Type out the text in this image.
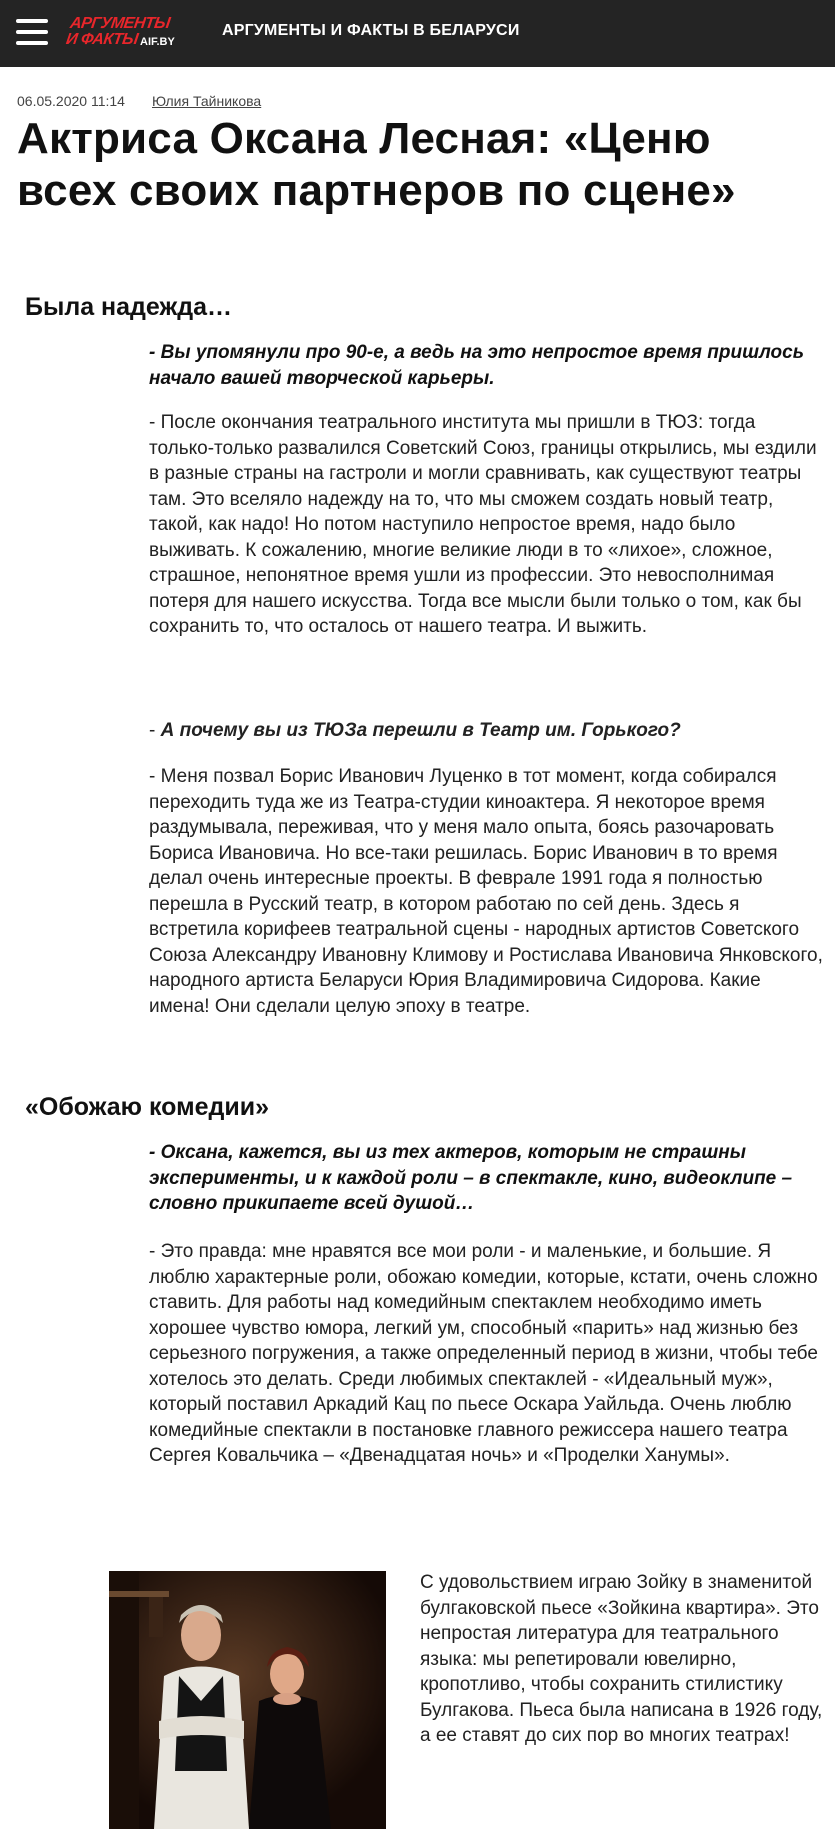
АРГУМЕНТЫ
И ФАКТЫ AIF.BY
АРГУМЕНТЫ И ФАКТЫ В БЕЛАРУСИ
06.05.2020 11:14 Юлия Тайникова
Актриса Оксана Лесная: «Ценю всех своих партнеров по сцене»
Была надежда…

- Вы упомянули про 90-е, а ведь на это непростое время пришлось начало вашей творческой карьеры.

- После окончания театрального института мы пришли в ТЮЗ: тогда только-только развалился Советский Союз, границы открылись, мы ездили в разные страны на гастроли и могли сравнивать, как существуют театры там. Это вселяло надежду на то, что мы сможем создать новый театр, такой, как надо! Но потом наступило непростое время, надо было выживать. К сожалению, многие великие люди в то «лихое», сложное, страшное, непонятное время ушли из профессии. Это невосполнимая потеря для нашего искусства. Тогда все мысли были только о том, как бы сохранить то, что осталось от нашего театра. И выжить.

- А почему вы из ТЮЗа перешли в Театр им. Горького?

- Меня позвал Борис Иванович Луценко в тот момент, когда собирался переходить туда же из Театра-студии киноактера. Я некоторое время раздумывала, переживая, что у меня мало опыта, боясь разочаровать Бориса Ивановича. Но все-таки решилась. Борис Иванович в то время делал очень интересные проекты. В феврале 1991 года я полностью перешла в Русский театр, в котором работаю по сей день. Здесь я встретила корифеев театральной сцены - народных артистов Советского Союза Александру Ивановну Климову и Ростислава Ивановича Янковского, народного артиста Беларуси Юрия Владимировича Сидорова. Какие имена! Они сделали целую эпоху в театре.

«Обожаю комедии»

- Оксана, кажется, вы из тех актеров, которым не страшны эксперименты, и к каждой роли – в спектакле, кино, видеоклипе – словно прикипаете всей душой…

- Это правда: мне нравятся все мои роли - и маленькие, и большие. Я люблю характерные роли, обожаю комедии, которые, кстати, очень сложно ставить. Для работы над комедийным спектаклем необходимо иметь хорошее чувство юмора, легкий ум, способный «парить» над жизнью без серьезного погружения, а также определенный период в жизни, чтобы тебе хотелось это делать. Среди любимых спектаклей - «Идеальный муж», который поставил Аркадий Кац по пьесе Оскара Уайльда. Очень люблю комедийные спектакли в постановке главного режиссера нашего театра Сергея Ковальчика – «Двенадцатая ночь» и «Проделки Ханумы».

С удовольствием играю Зойку в знаменитой булгаковской пьесе «Зойкина квартира». Это непростая литература для театрального языка: мы репетировали ювелирно, кропотливо, чтобы сохранить стилистику Булгакова. Пьеса была написана в 1926 году, а ее ставят до сих пор во многих театрах!
